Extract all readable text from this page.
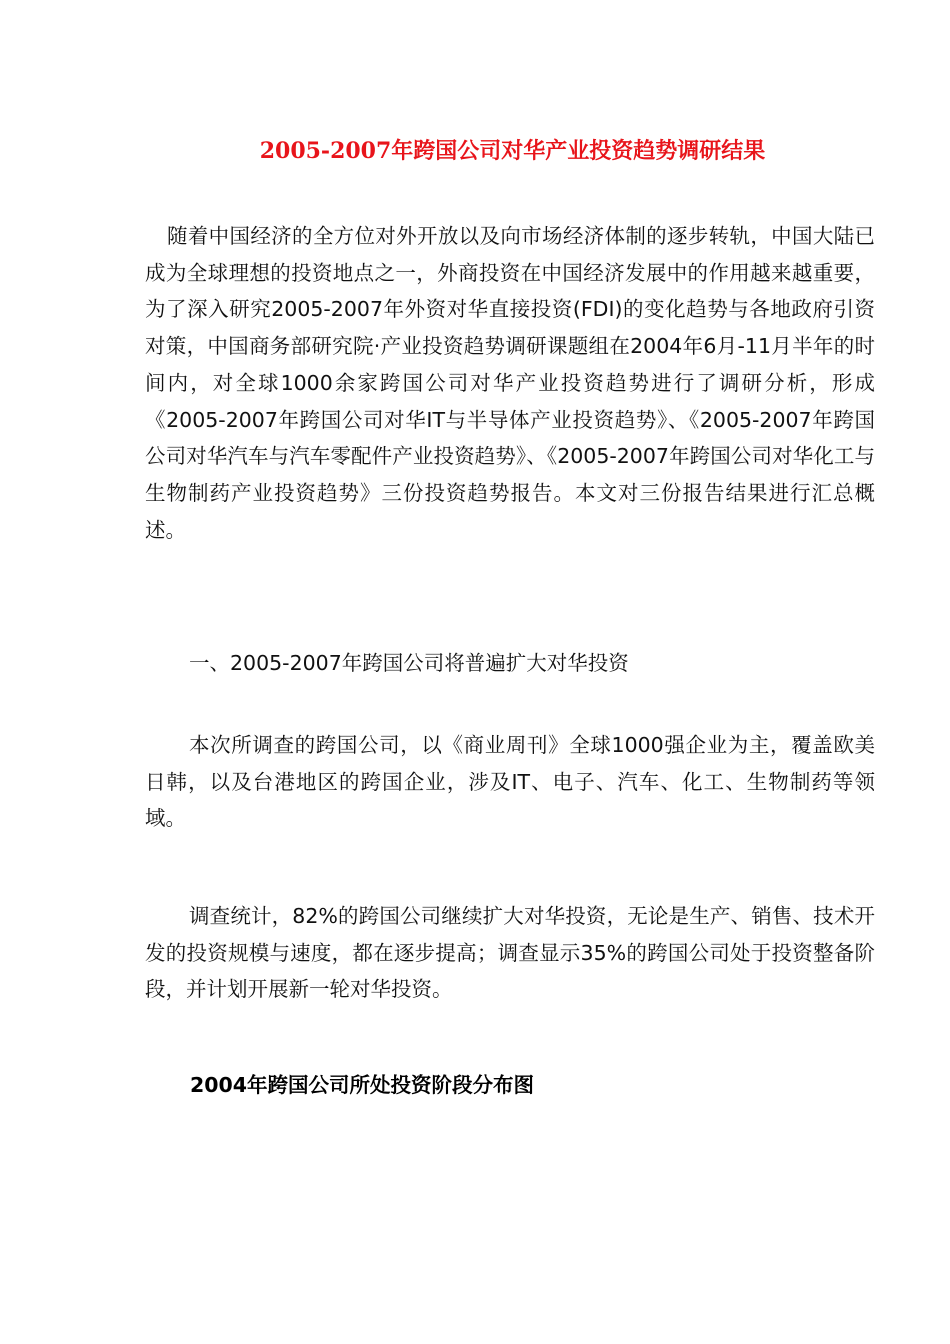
2005-2007年跨国公司对华产业投资趋势调研结果

随着中国经济的全方位对外开放以及向市场经济体制的逐步转轨，中国大陆已成为全球理想的投资地点之一，外商投资在中国经济发展中的作用越来越重要，为了深入研究2005-2007年外资对华直接投资(FDI)的变化趋势与各地政府引资对策，中国商务部研究院·产业投资趋势调研课题组在2004年6月-11月半年的时间内，对全球1000余家跨国公司对华产业投资趋势进行了调研分析，形成《2005-2007年跨国公司对华IT与半导体产业投资趋势》、《2005-2007年跨国公司对华汽车与汽车零配件产业投资趋势》、《2005-2007年跨国公司对华化工与生物制药产业投资趋势》三份投资趋势报告。本文对三份报告结果进行汇总概述。

一、2005-2007年跨国公司将普遍扩大对华投资

本次所调查的跨国公司，以《商业周刊》全球1000强企业为主，覆盖欧美日韩，以及台港地区的跨国企业，涉及IT、电子、汽车、化工、生物制药等领域。

调查统计，82%的跨国公司继续扩大对华投资，无论是生产、销售、技术开发的投资规模与速度，都在逐步提高；调查显示35%的跨国公司处于投资整备阶段，并计划开展新一轮对华投资。

2004年跨国公司所处投资阶段分布图
